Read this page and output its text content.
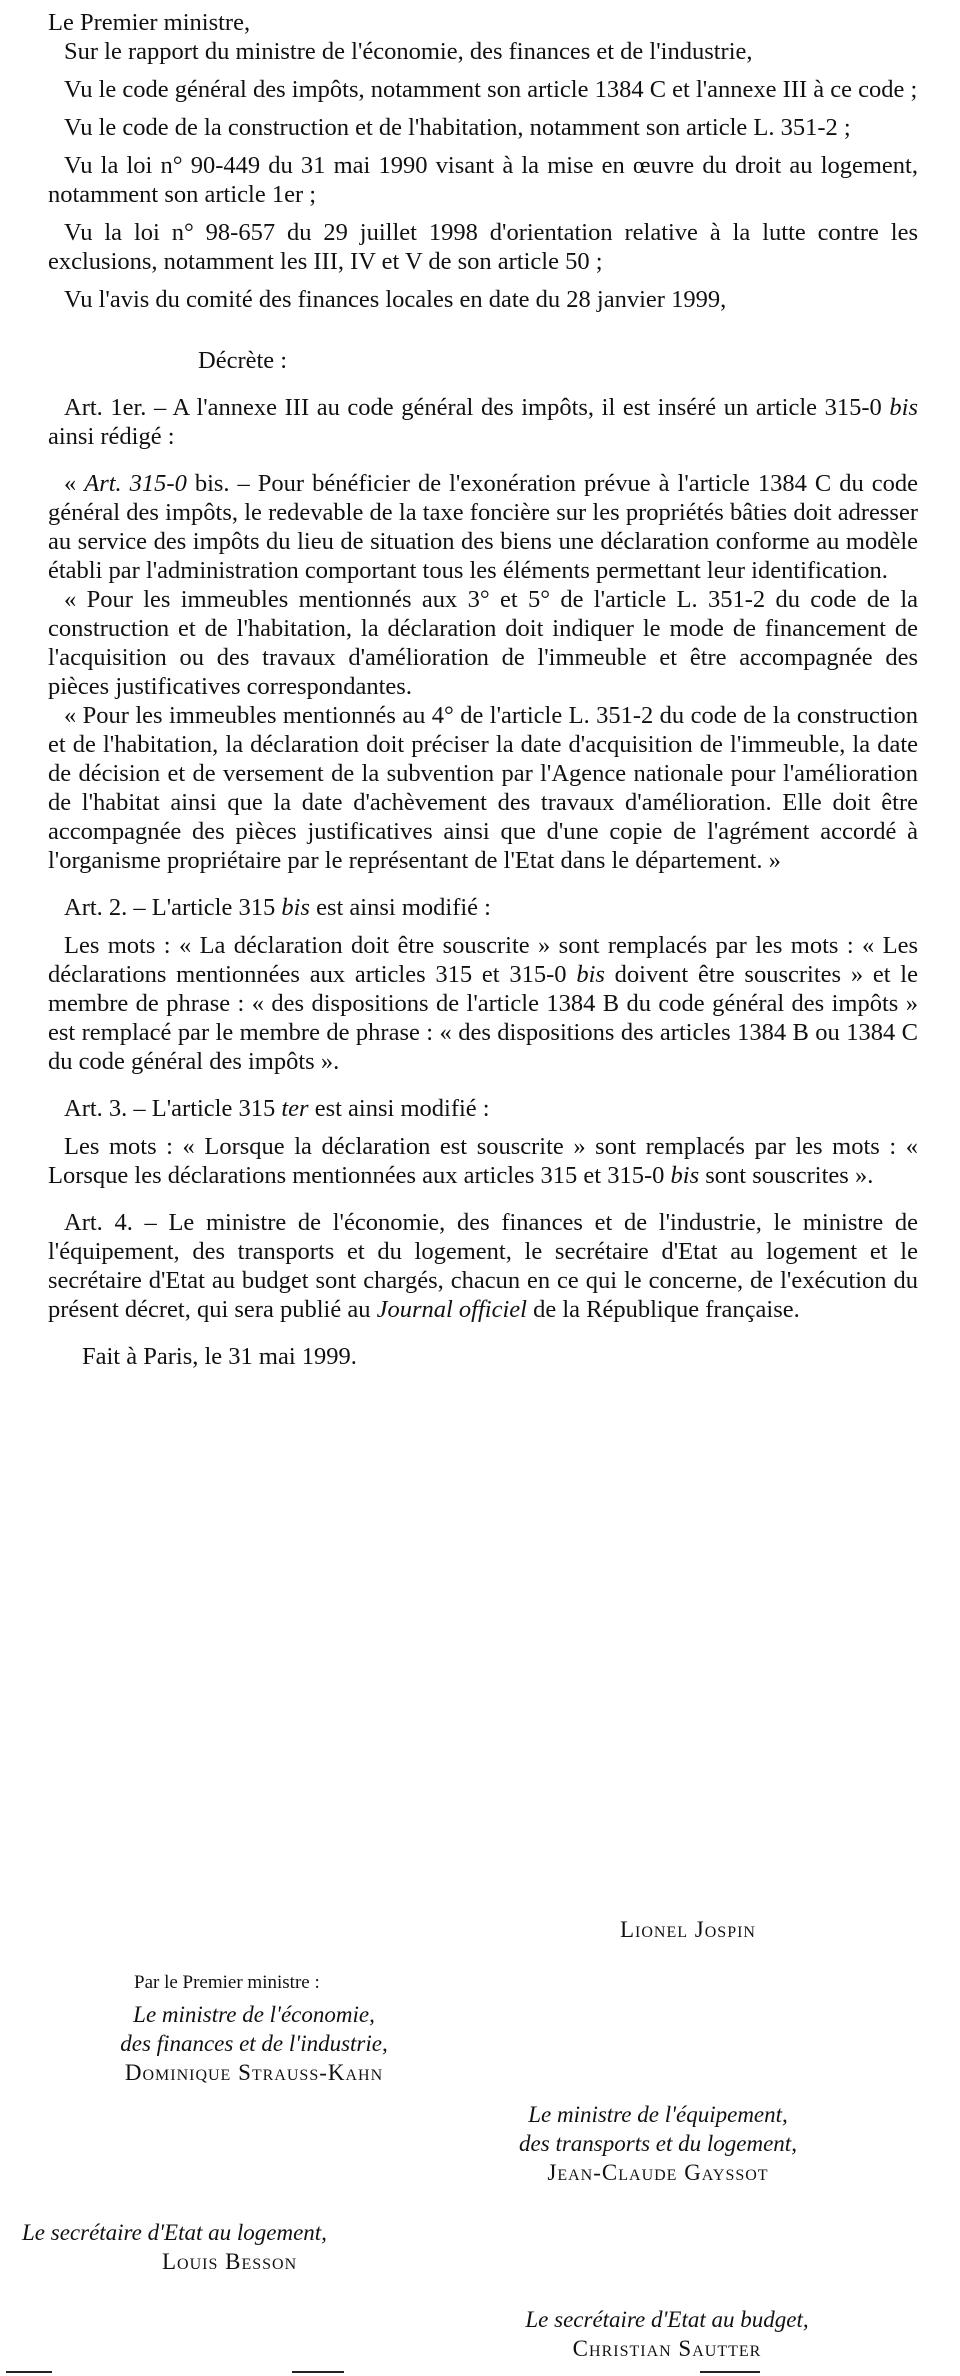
Le Premier ministre,

Sur le rapport du ministre de l'économie, des finances et de l'industrie,

Vu le code général des impôts, notamment son article 1384 C et l'annexe III à ce code ;

Vu le code de la construction et de l'habitation, notamment son article L. 351-2 ;

Vu la loi n° 90-449 du 31 mai 1990 visant à la mise en œuvre du droit au logement, notamment son article 1er ;

Vu la loi n° 98-657 du 29 juillet 1998 d'orientation relative à la lutte contre les exclusions, notamment les III, IV et V de son article 50 ;

Vu l'avis du comité des finances locales en date du 28 janvier 1999,

Décrète :

Art. 1er. – A l'annexe III au code général des impôts, il est inséré un article 315-0 bis ainsi rédigé :

« Art. 315-0 bis. – Pour bénéficier de l'exonération prévue à l'article 1384 C du code général des impôts, le redevable de la taxe foncière sur les propriétés bâties doit adresser au service des impôts du lieu de situation des biens une déclaration conforme au modèle établi par l'administration comportant tous les éléments permettant leur identification.

« Pour les immeubles mentionnés aux 3° et 5° de l'article L. 351-2 du code de la construction et de l'habitation, la déclaration doit indiquer le mode de financement de l'acquisition ou des travaux d'amélioration de l'immeuble et être accompagnée des pièces justificatives correspondantes.

« Pour les immeubles mentionnés au 4° de l'article L. 351-2 du code de la construction et de l'habitation, la déclaration doit préciser la date d'acquisition de l'immeuble, la date de décision et de versement de la subvention par l'Agence nationale pour l'amélioration de l'habitat ainsi que la date d'achèvement des travaux d'amélioration. Elle doit être accompagnée des pièces justificatives ainsi que d'une copie de l'agrément accordé à l'organisme propriétaire par le représentant de l'Etat dans le département. »

Art. 2. – L'article 315 bis est ainsi modifié :

Les mots : « La déclaration doit être souscrite » sont remplacés par les mots : « Les déclarations mentionnées aux articles 315 et 315-0 bis doivent être souscrites » et le membre de phrase : « des dispositions de l'article 1384 B du code général des impôts » est remplacé par le membre de phrase : « des dispositions des articles 1384 B ou 1384 C du code général des impôts ».

Art. 3. – L'article 315 ter est ainsi modifié :

Les mots : « Lorsque la déclaration est souscrite » sont remplacés par les mots : « Lorsque les déclarations mentionnées aux articles 315 et 315-0 bis sont souscrites ».

Art. 4. – Le ministre de l'économie, des finances et de l'industrie, le ministre de l'équipement, des transports et du logement, le secrétaire d'Etat au logement et le secrétaire d'Etat au budget sont chargés, chacun en ce qui le concerne, de l'exécution du présent décret, qui sera publié au Journal officiel de la République française.

Fait à Paris, le 31 mai 1999.

Lionel Jospin
Par le Premier ministre :
Le ministre de l'économie,
des finances et de l'industrie,
Dominique Strauss-Kahn
Le ministre de l'équipement,
des transports et du logement,
Jean-Claude Gayssot
Le secrétaire d'Etat au logement,
Louis Besson
Le secrétaire d'Etat au budget,
Christian Sautter
